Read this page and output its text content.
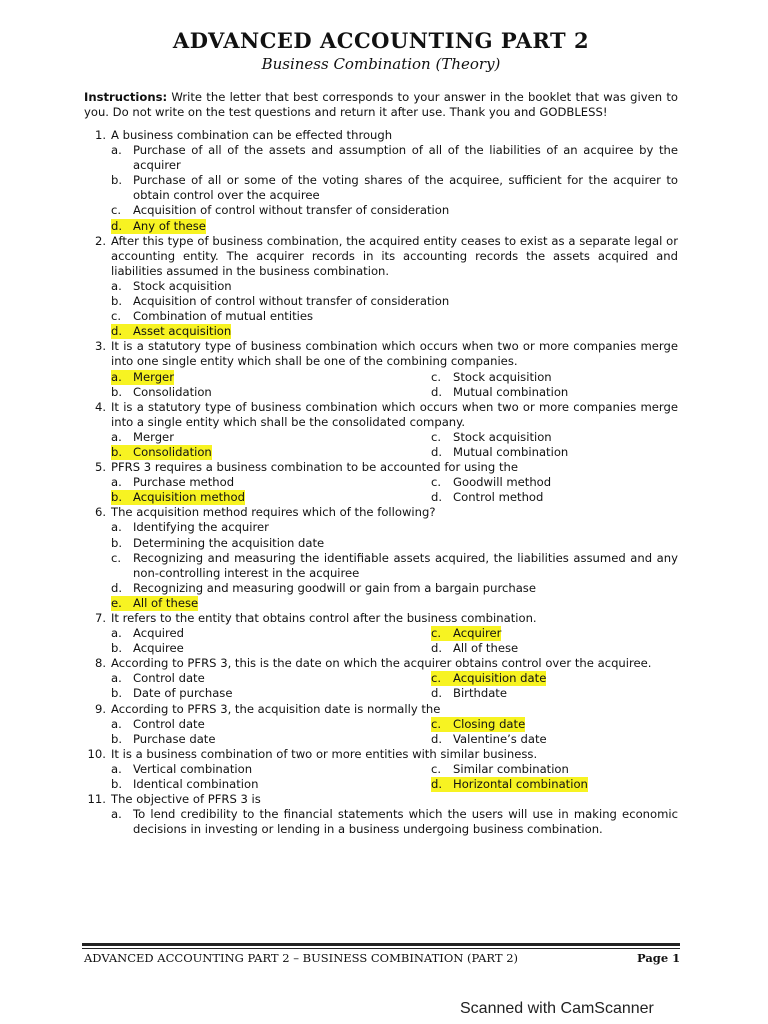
ADVANCED ACCOUNTING PART 2

Business Combination (Theory)

Instructions: Write the letter that best corresponds to your answer in the booklet that was given to you. Do not write on the test questions and return it after use. Thank you and GODBLESS!

1. A business combination can be effected through
a. Purchase of all of the assets and assumption of all of the liabilities of an acquiree by the acquirer
b. Purchase of all or some of the voting shares of the acquiree, sufficient for the acquirer to obtain control over the acquiree
c.	Acquisition of control without transfer of consideration
d. Any of these
2. After this type of business combination, the acquired entity ceases to exist as a separate legal or accounting entity. The acquirer records in its accounting records the assets acquired and liabilities assumed in the business combination.
a. Stock acquisition
b. Acquisition of control without transfer of consideration
c.	Combination of mutual entities
d. Asset acquisition
3. It is a statutory type of business combination which occurs when two or more companies merge into one single entity which shall be one of the combining companies.
a. Merger	c.	Stock acquisition
b. Consolidation	d. Mutual combination
4. It is a statutory type of business combination which occurs when two or more companies merge into a single entity which shall be the consolidated company.
a. Merger	c.	Stock acquisition
b. Consolidation	d. Mutual combination
5. PFRS 3 requires a business combination to be accounted for using the
a. Purchase method	c.	Goodwill method
b. Acquisition method	d. Control method
6. The acquisition method requires which of the following?
a. Identifying the acquirer
b. Determining the acquisition date
c.	Recognizing and measuring the identifiable assets acquired, the liabilities assumed and any non-controlling interest in the acquiree
d. Recognizing and measuring goodwill or gain from a bargain purchase
e. All of these
7. It refers to the entity that obtains control after the business combination.
a. Acquired	c.	Acquirer
b. Acquiree	d. All of these
8. According to PFRS 3, this is the date on which the acquirer obtains control over the acquiree.
a. Control date	c.	Acquisition date
b. Date of purchase	d. Birthdate
9. According to PFRS 3, the acquisition date is normally the
a. Control date	c.	Closing date
b. Purchase date	d. Valentine’s date
10. It is a business combination of two or more entities with similar business.
a. Vertical combination	c.	Similar combination
b. Identical combination	d. Horizontal combination
11. The objective of PFRS 3 is
a. To lend credibility to the financial statements which the users will use in making economic decisions in investing or lending in a business undergoing business combination.
ADVANCED ACCOUNTING PART 2 – BUSINESS COMBINATION (PART 2)	Page 1
Scanned with CamScanner
